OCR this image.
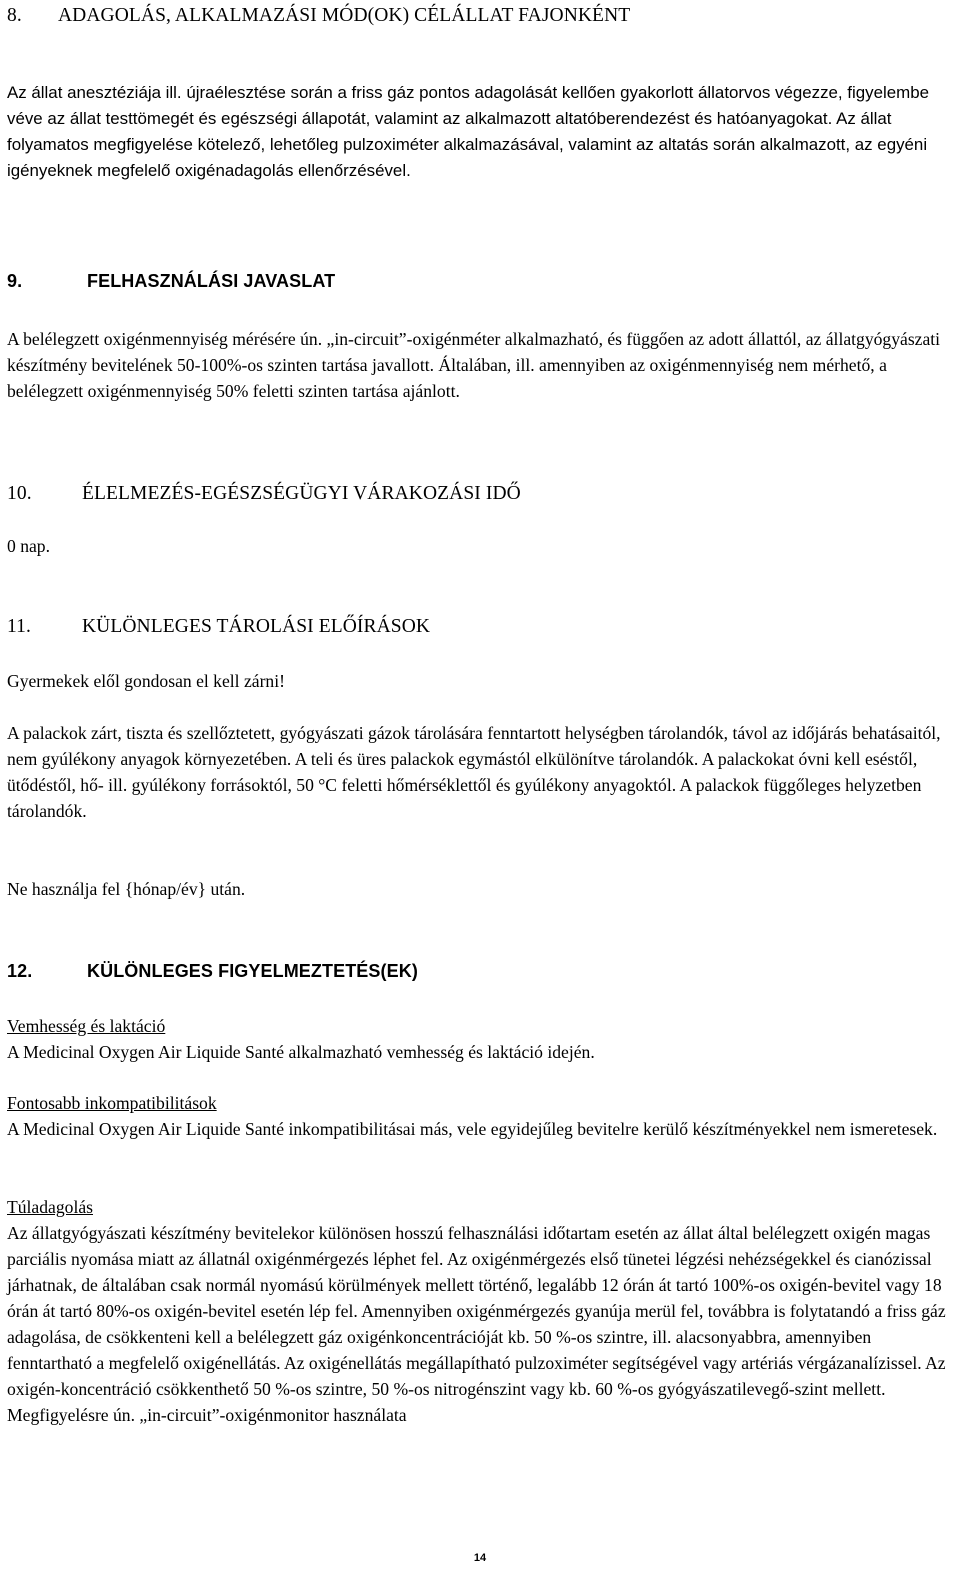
8. ADAGOLÁS, ALKALMAZÁSI MÓD(OK) CÉLÁLLAT FAJONKÉNT

Az állat anesztéziája ill. újraélesztése során a friss gáz pontos adagolását kellően gyakorlott állatorvos végezze, figyelembe véve az állat testtömegét és egészségi állapotát, valamint az alkalmazott altatóberendezést és hatóanyagokat. Az állat folyamatos megfigyelése kötelező, lehetőleg pulzoximéter alkalmazásával, valamint az altatás során alkalmazott, az egyéni igényeknek megfelelő oxigénadagolás ellenőrzésével.

9.	FELHASZNÁLÁSI JAVASLAT

A belélegzett oxigénmennyiség mérésére ún. „in-circuit”-oxigénméter alkalmazható, és függően az adott állattól, az állatgyógyászati készítmény bevitelének 50-100%-os szinten tartása javallott. Általában, ill. amennyiben az oxigénmennyiség nem mérhető, a belélegzett oxigénmennyiség 50% feletti szinten tartása ajánlott.

10.	ÉLELMEZÉS-EGÉSZSÉGÜGYI VÁRAKOZÁSI IDŐ

0 nap.

11.	KÜLÖNLEGES TÁROLÁSI ELŐÍRÁSOK

Gyermekek elől gondosan el kell zárni!

A palackok zárt, tiszta és szellőztetett, gyógyászati gázok tárolására fenntartott helységben tárolandók, távol az időjárás behatásaitól, nem gyúlékony anyagok környezetében. A teli és üres palackok egymástól elkülönítve tárolandók. A palackokat óvni kell eséstől, ütődéstől, hő- ill. gyúlékony forrásoktól, 50 °C feletti hőmérséklettől és gyúlékony anyagoktól. A palackok függőleges helyzetben tárolandók.

Ne használja fel {hónap/év} után.

12.	KÜLÖNLEGES FIGYELMEZTETÉS(EK)
Vemhesség és laktáció
A Medicinal Oxygen Air Liquide Santé alkalmazható vemhesség és laktáció idején.
Fontosabb inkompatibilitások
A Medicinal Oxygen Air Liquide Santé inkompatibilitásai más, vele egyidejűleg bevitelre kerülő készítményekkel nem ismeretesek.
Túladagolás
Az állatgyógyászati készítmény bevitelekor különösen hosszú felhasználási időtartam esetén az állat által belélegzett oxigén magas parciális nyomása miatt az állatnál oxigénmérgezés léphet fel. Az oxigénmérgezés első tünetei légzési nehézségekkel és cianózissal járhatnak, de általában csak normál nyomású körülmények mellett történő, legalább 12 órán át tartó 100%-os oxigén-bevitel vagy 18 órán át tartó 80%-os oxigén-bevitel esetén lép fel. Amennyiben oxigénmérgezés gyanúja merül fel, továbbra is folytatandó a friss gáz adagolása, de csökkenteni kell a belélegzett gáz oxigénkoncentrációját kb. 50 %-os szintre, ill. alacsonyabbra, amennyiben fenntartható a megfelelő oxigénellátás. Az oxigénellátás megállapítható pulzoximéter segítségével vagy artériás vérgázanalízissel. Az oxigén-koncentráció csökkenthető 50 %-os szintre, 50 %-os nitrogénszint vagy kb. 60 %-os gyógyászatilevegő-szint mellett. Megfigyelésre ún. „in-circuit”-oxigénmonitor használata
14
